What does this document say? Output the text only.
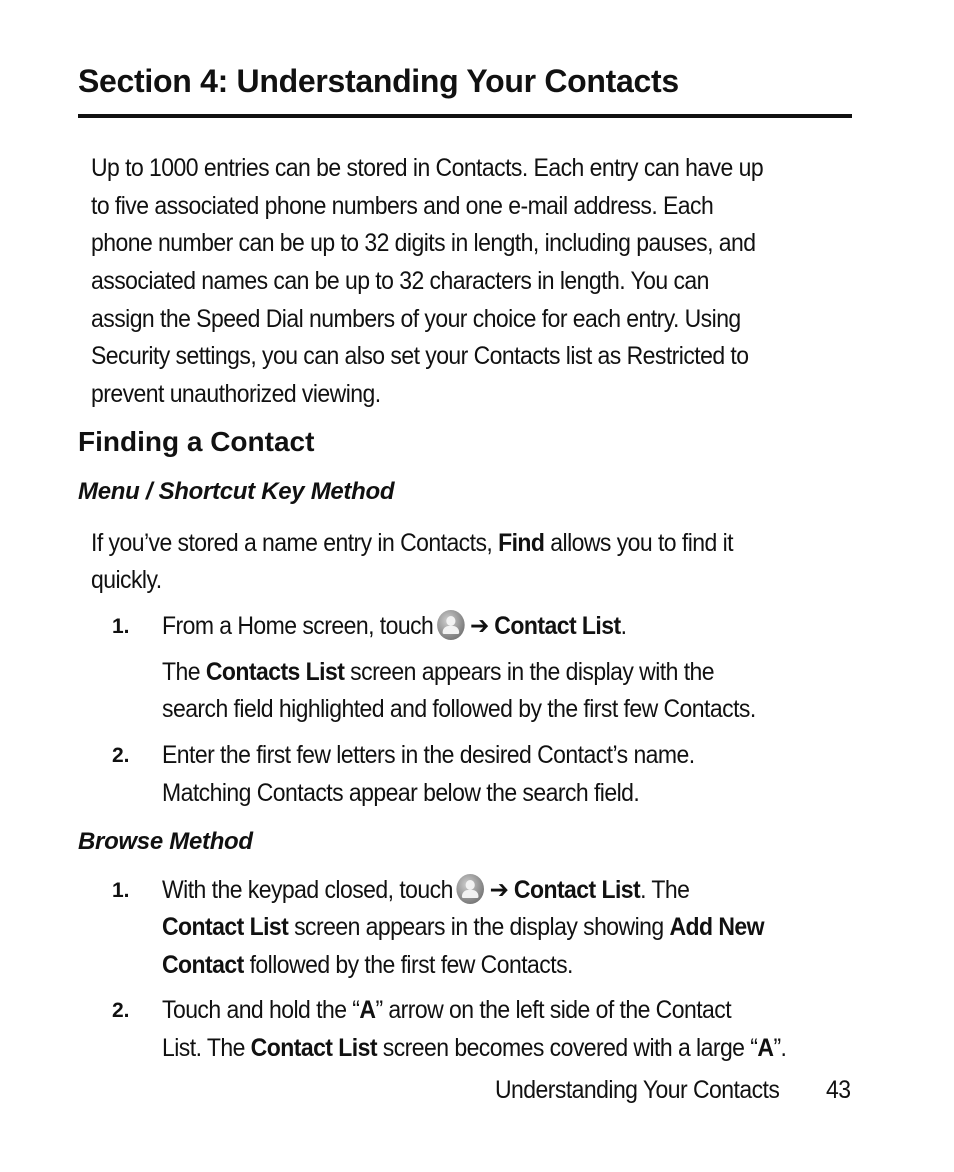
Section 4: Understanding Your Contacts

Up to 1000 entries can be stored in Contacts. Each entry can have up

to five associated phone numbers and one e-mail address. Each

phone number can be up to 32 digits in length, including pauses, and

associated names can be up to 32 characters in length. You can

assign the Speed Dial numbers of your choice for each entry. Using

Security settings, you can also set your Contacts list as Restricted to

prevent unauthorized viewing.

Finding a Contact
Menu / Shortcut Key Method

If you’ve stored a name entry in Contacts, Find allows you to find it

quickly.

1. From a Home screen, touch ➔ Contact List.

The Contacts List screen appears in the display with the

search field highlighted and followed by the first few Contacts.

2. Enter the first few letters in the desired Contact’s name.

Matching Contacts appear below the search field.

Browse Method
1. With the keypad closed, touch ➔ Contact List. The

Contact List screen appears in the display showing Add New

Contact followed by the first few Contacts.

2. Touch and hold the “A” arrow on the left side of the Contact

List. The Contact List screen becomes covered with a large “A”.

Understanding Your Contacts 43
